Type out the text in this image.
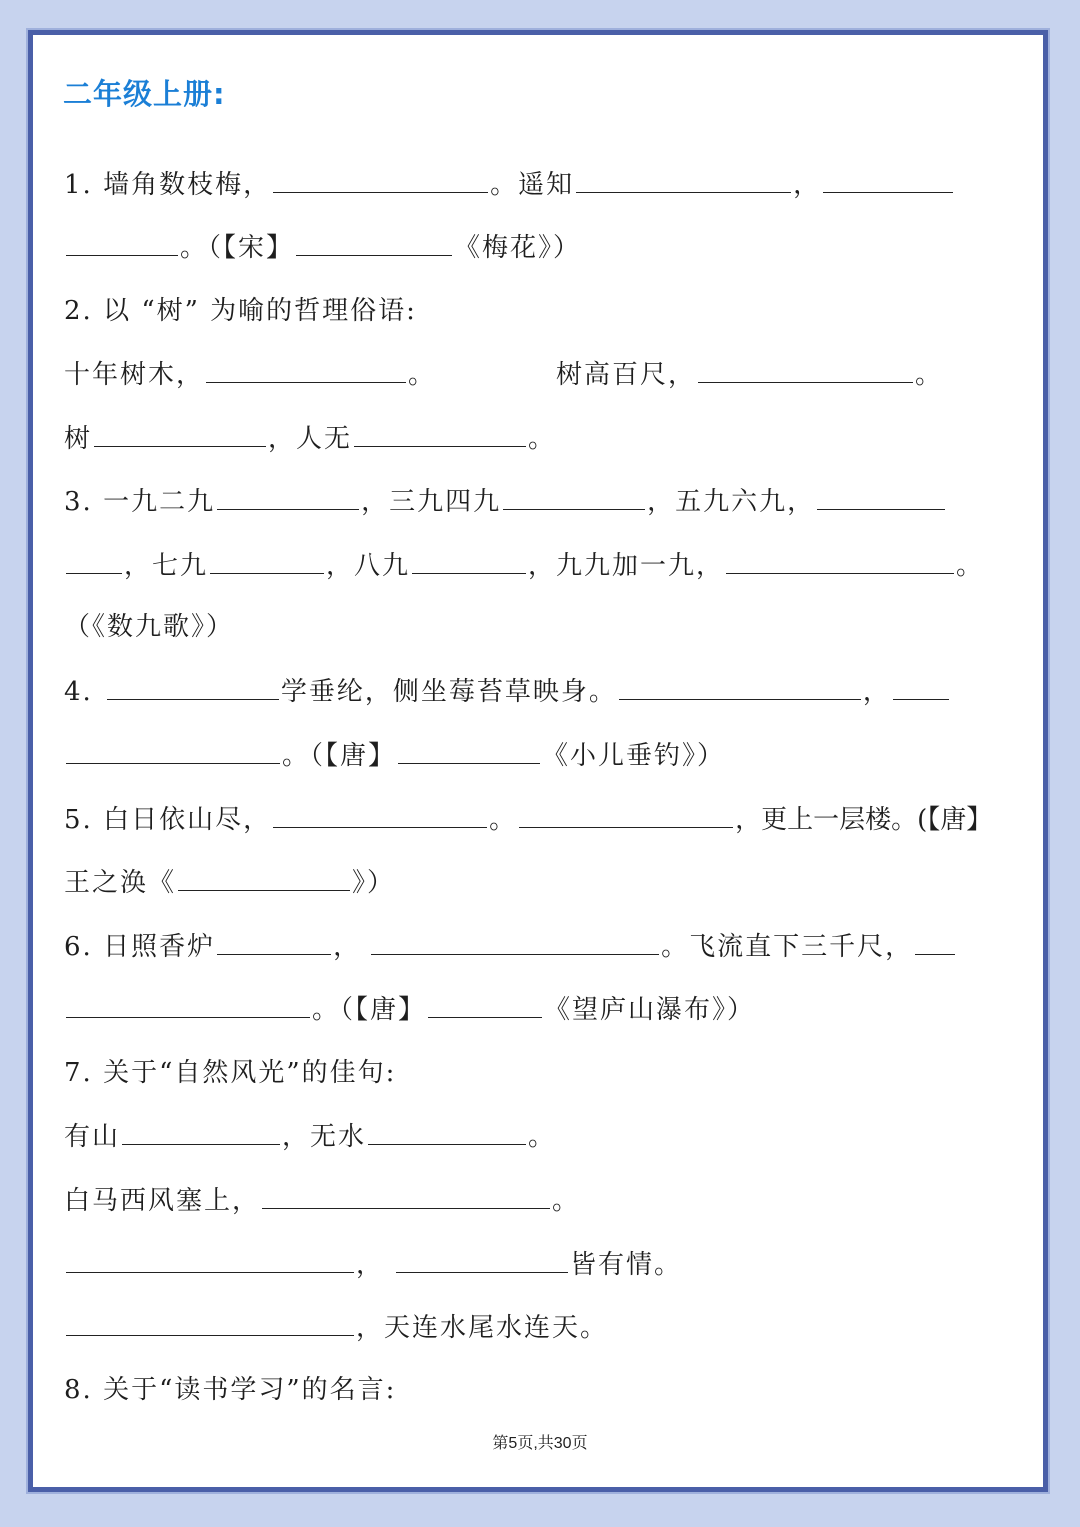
二年级上册:
1. 墙角数枝梅，	。遥知	，
。（【宋】	《梅花》）
2. 以 “树” 为喻的哲理俗语:
十年树木，	。	树高百尺，	。
树	，人无	。
3. 一九二九	，三九四九	，五九六九，
，七九	，八九	，九九加一九，	。
（《数九歌》）
4.	学垂纶，侧坐莓苔草映身。	，
。（【唐】	《小儿垂钓》）
5. 白日依山尽，	。	，更上一层楼。(【唐】
王之涣《	》）
6. 日照香炉	，	。飞流直下三千尺，
。（【唐】	《望庐山瀑布》）
7. 关于“自然风光”的佳句:
有山	，无水	。
白马西风塞上，	。
，	皆有情。
，天连水尾水连天。
8. 关于“读书学习”的名言:
第5页,共30页
